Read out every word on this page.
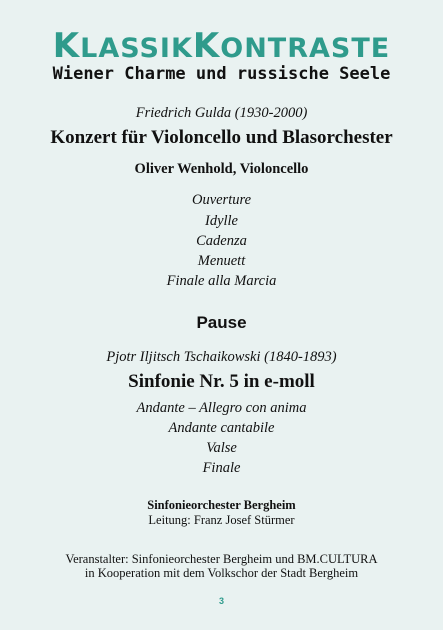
KLASSIKKONTRASTE
Wiener Charme und russische Seele
Friedrich Gulda (1930-2000)
Konzert für Violoncello und Blasorchester
Oliver Wenhold, Violoncello
Ouverture
Idylle
Cadenza
Menuett
Finale alla Marcia
Pause
Pjotr Iljitsch Tschaikowski (1840-1893)
Sinfonie Nr. 5 in e-moll
Andante – Allegro con anima
Andante cantabile
Valse
Finale
Sinfonieorchester Bergheim
Leitung: Franz Josef Stürmer
Veranstalter: Sinfonieorchester Bergheim und BM.CULTURA
in Kooperation mit dem Volkschor der Stadt Bergheim
3
